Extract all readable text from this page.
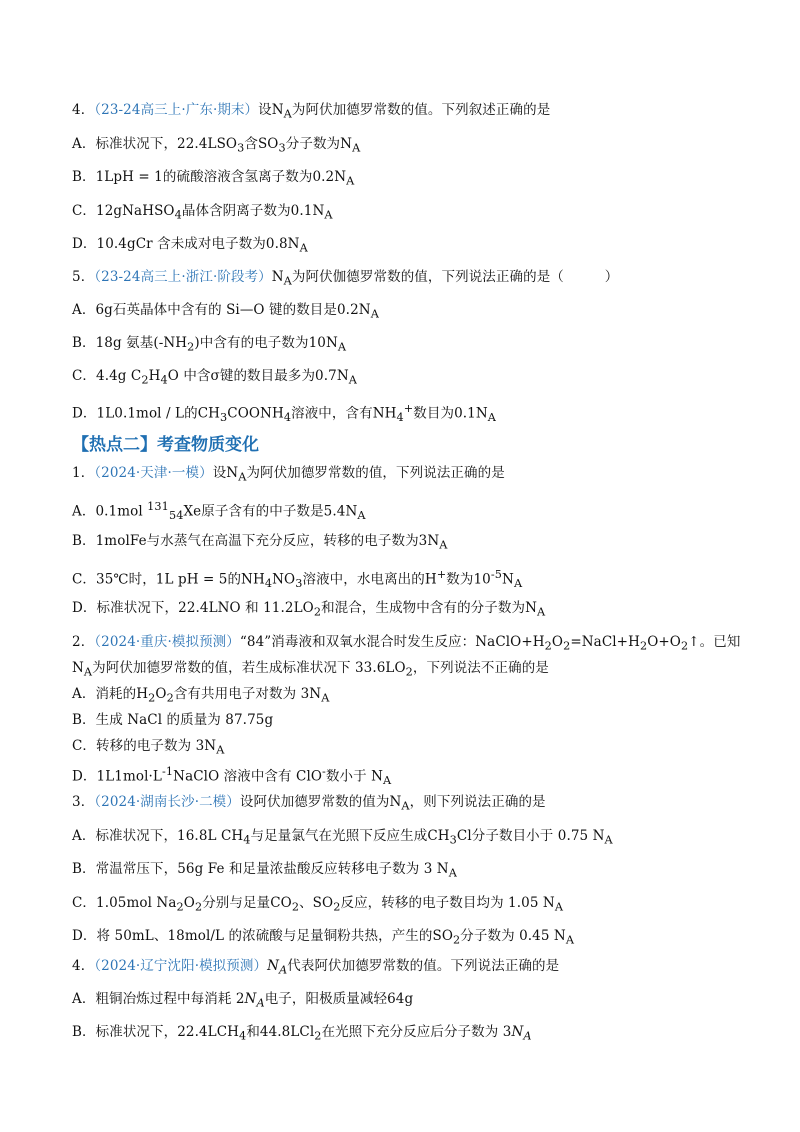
4．（23-24高三上·广东·期末）设$N_A$为阿伏加德罗常数的值。下列叙述正确的是
A．标准状况下，$22.4LSO_3$含$SO_3$分子数为$N_A$
B．1LpH = 1的硫酸溶液含氢离子数为$0.2N_A$
C．12gNaHSO$_4$晶体含阴离子数为$0.1N_A$
D．10.4gCr 含未成对电子数为$0.8N_A$
5．（23-24高三上·浙江·阶段考）$N_A$为阿伏伽德罗常数的值，下列说法正确的是（　　　）
A．6g石英晶体中含有的 Si—O 键的数目是$0.2N_A$
B．18g 氨基$(-NH_2)$中含有的电子数为$10N_A$
C．4.4g $C_2H_4O$ 中含σ键的数目最多为$0.7N_A$
D．1L0.1mol / L的$CH_3COONH_4$溶液中，含有$NH_4^+$数目为$0.1N_A$
【热点二】考查物质变化
1．（2024·天津·一模）设$N_A$为阿伏加德罗常数的值，下列说法正确的是
A．0.1mol $^{131}_{54}$Xe原子含有的中子数是$5.4N_A$
B．1molFe与水蒸气在高温下充分反应，转移的电子数为$3N_A$
C．35℃时，1L pH = 5的$NH_4NO_3$溶液中，水电离出的H+数为$10^{-5}N_A$
D．标准状况下，22.4LNO 和 $11.2LO_2$和混合，生成物中含有的分子数为$N_A$
2．（2024·重庆·模拟预测）“84”消毒液和双氧水混合时发生反应：$NaClO+H_2O_2=NaCl+H_2O+O_2↑$。已知
$N_A$为阿伏加德罗常数的值，若生成标准状况下 $33.6LO_2$，下列说法不正确的是
A．消耗的$H_2O_2$含有共用电子对数为 $3N_A$
B．生成 NaCl 的质量为 87.75g
C．转移的电子数为 $3N_A$
D．$1L1mol\cdot L^{-1}NaClO$ 溶液中含有 ClO-数小于 $N_A$
3．（2024·湖南长沙·二模）设阿伏加德罗常数的值为$N_A$，则下列说法正确的是
A．标准状况下，16.8L $CH_4$与足量氯气在光照下反应生成$CH_3Cl$分子数目小于 0.75 $N_A$
B．常温常压下，56g Fe 和足量浓盐酸反应转移电子数为 3 $N_A$
C．1.05mol $Na_2O_2$分别与足量$CO_2$、$SO_2$反应，转移的电子数目均为 1.05 $N_A$
D．将 50mL、18mol/L 的浓硫酸与足量铜粉共热，产生的$SO_2$分子数为 0.45 $N_A$
4．（2024·辽宁沈阳·模拟预测）$N_A$代表阿伏加德罗常数的值。下列说法正确的是
A．粗铜冶炼过程中每消耗 $2N_A$电子，阳极质量减轻64g
B．标准状况下，$22.4LCH_4$和44.8LCl$_2$在光照下充分反应后分子数为 $3N_A$
